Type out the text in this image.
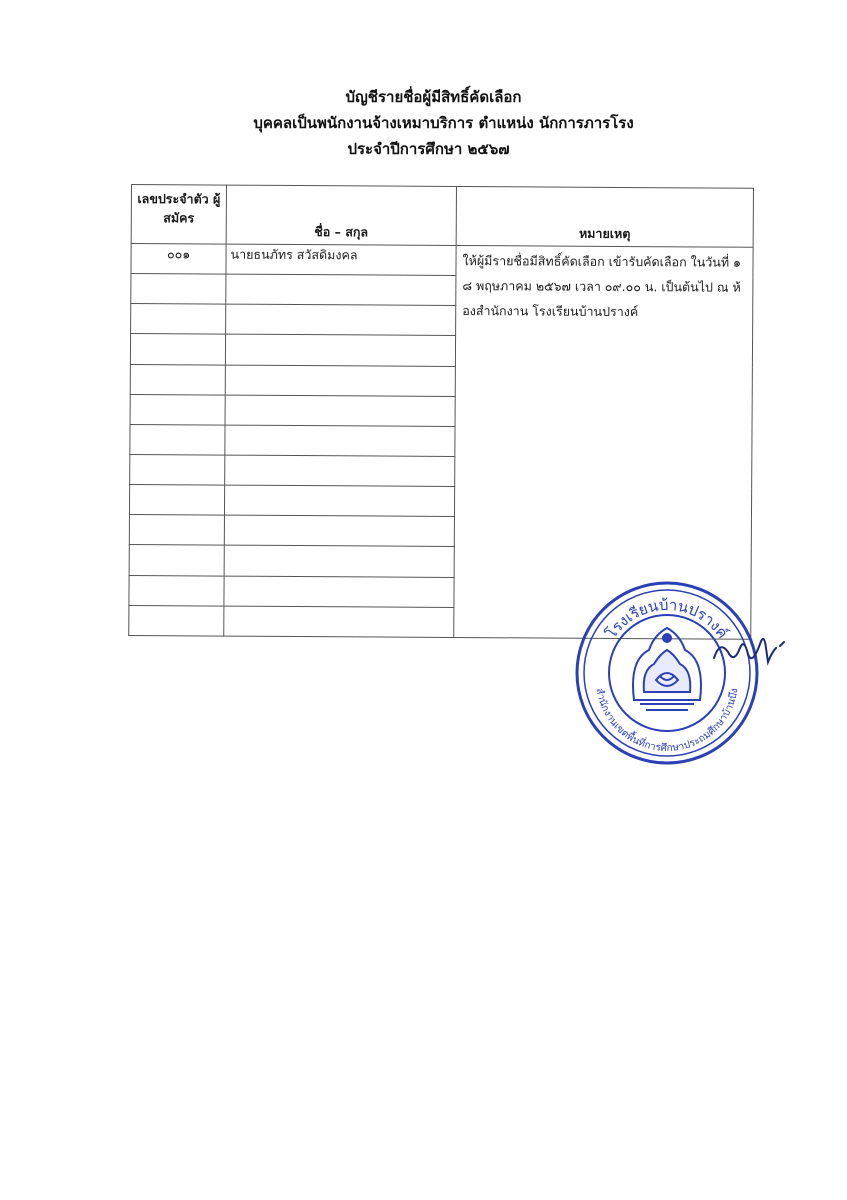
บัญชีรายชื่อผู้มีสิทธิ์คัดเลือก
บุคคลเป็นพนักงานจ้างเหมาบริการ ตำแหน่ง นักการภารโรง
ประจำปีการศึกษา ๒๕๖๗
เลขประจำตัว ผู้สมัคร	ชื่อ – สกุล	หมายเหตุ
๐๐๑	นายธนภัทร สวัสดิมงคล	ให้ผู้มีรายชื่อมีสิทธิ์คัดเลือก เข้ารับคัดเลือก ในวันที่ ๑๘ พฤษภาคม ๒๕๖๗ เวลา ๐๙.๐๐ น. เป็นต้นไป ณ ห้องสำนักงาน โรงเรียนบ้านปรางค์

โรงเรียนบ้านปรางค์
สำนักงานเขตพื้นที่การศึกษาประถมศึกษาบ้านบึง
